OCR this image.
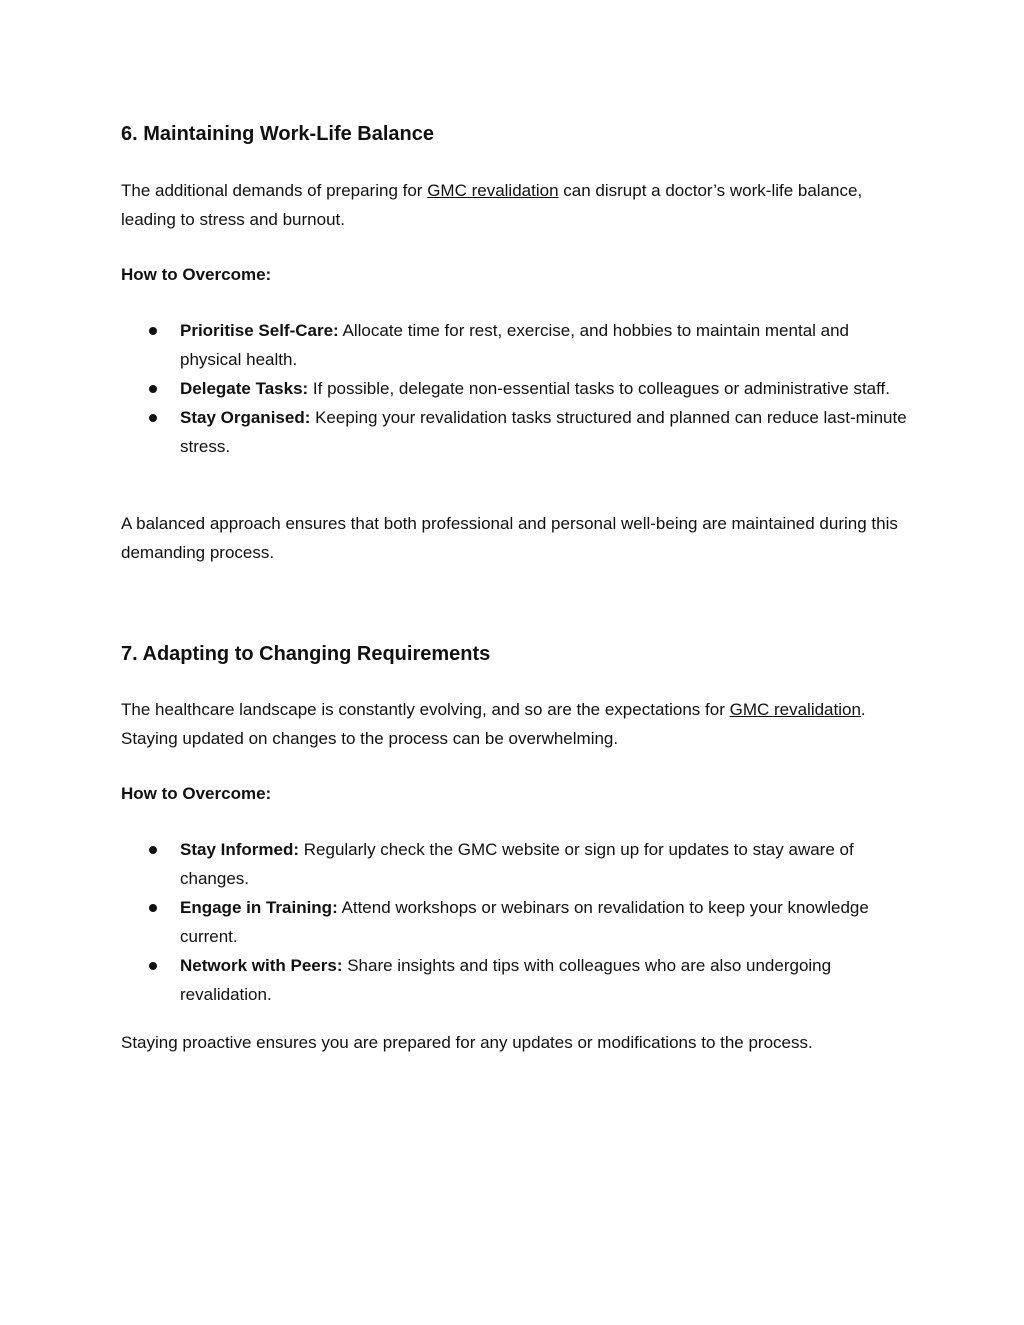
6. Maintaining Work-Life Balance

The additional demands of preparing for GMC revalidation can disrupt a doctor’s work-life balance, leading to stress and burnout.

How to Overcome:

Prioritise Self-Care: Allocate time for rest, exercise, and hobbies to maintain mental and physical health.
Delegate Tasks: If possible, delegate non-essential tasks to colleagues or administrative staff.
Stay Organised: Keeping your revalidation tasks structured and planned can reduce last-minute stress.

A balanced approach ensures that both professional and personal well-being are maintained during this demanding process.

7. Adapting to Changing Requirements

The healthcare landscape is constantly evolving, and so are the expectations for GMC revalidation. Staying updated on changes to the process can be overwhelming.

How to Overcome:

Stay Informed: Regularly check the GMC website or sign up for updates to stay aware of changes.
Engage in Training: Attend workshops or webinars on revalidation to keep your knowledge current.
Network with Peers: Share insights and tips with colleagues who are also undergoing revalidation.

Staying proactive ensures you are prepared for any updates or modifications to the process.
